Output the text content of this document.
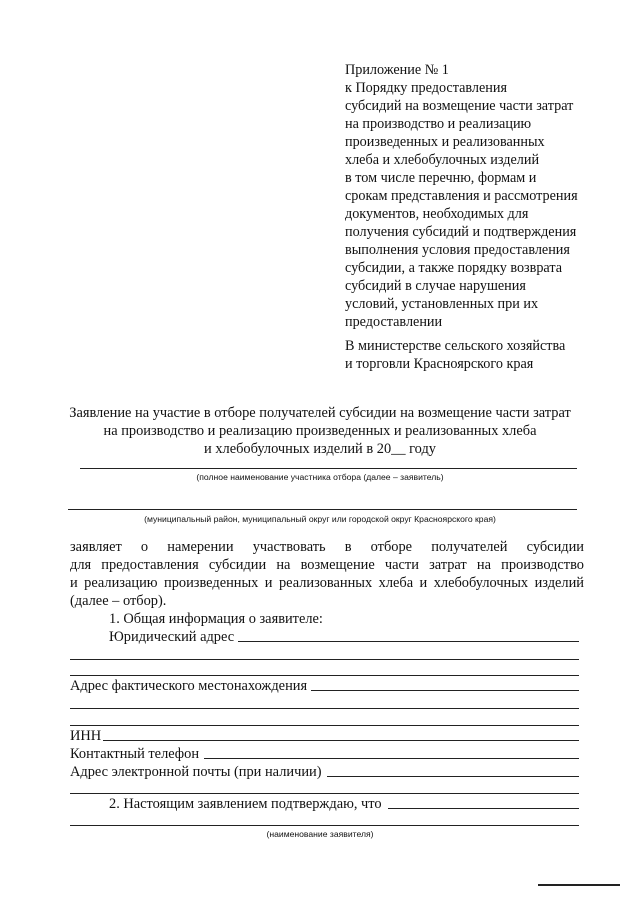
Приложение № 1
к Порядку предоставления
субсидий на возмещение части затрат
на производство и реализацию
произведенных и реализованных
хлеба и хлебобулочных изделий
в том числе перечню, формам и
срокам представления и рассмотрения
документов, необходимых для
получения субсидий и подтверждения
выполнения условия предоставления
субсидии, а также порядку возврата
субсидий в случае нарушения
условий, установленных при их
предоставлении
В министерстве сельского хозяйства
и торговли Красноярского края
Заявление на участие в отборе получателей субсидии на возмещение части затрат
на производство и реализацию произведенных и реализованных хлеба
и хлебобулочных изделий в 20__ году
(полное наименование участника отбора (далее – заявитель)
(муниципальный район, муниципальный округ или городской округ Красноярского края)
заявляет о намерении участвовать в отборе получателей субсидии
для предоставления субсидии на возмещение части затрат на производство
и реализацию произведенных и реализованных хлеба и хлебобулочных изделий
(далее – отбор).
1. Общая информация о заявителе:
Юридический адрес
Адрес фактического местонахождения
ИНН
Контактный телефон
Адрес электронной почты (при наличии)
2. Настоящим заявлением подтверждаю, что
(наименование заявителя)
